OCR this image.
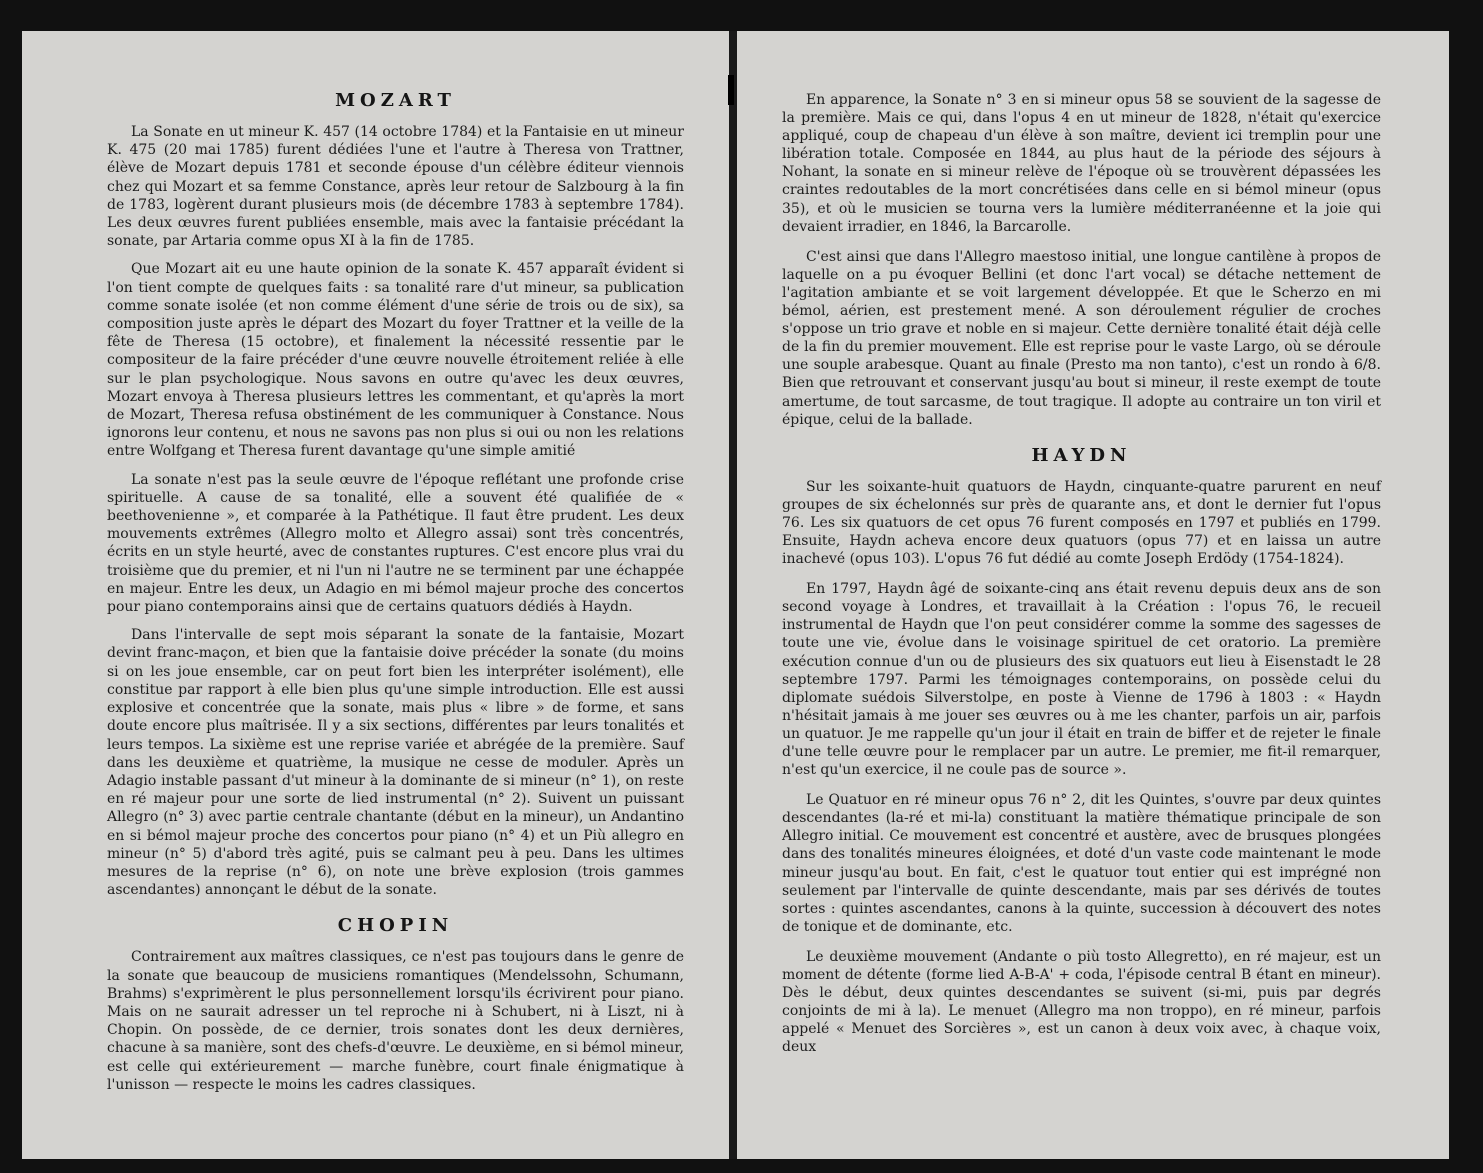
MOZART

La Sonate en ut mineur K. 457 (14 octobre 1784) et la Fantaisie en ut mineur K. 475 (20 mai 1785) furent dédiées l'une et l'autre à Theresa von Trattner, élève de Mozart depuis 1781 et seconde épouse d'un célèbre éditeur viennois chez qui Mozart et sa femme Constance, après leur retour de Salzbourg à la fin de 1783, logèrent durant plusieurs mois (de décembre 1783 à septembre 1784). Les deux œuvres furent publiées ensemble, mais avec la fantaisie précédant la sonate, par Artaria comme opus XI à la fin de 1785.

Que Mozart ait eu une haute opinion de la sonate K. 457 apparaît évident si l'on tient compte de quelques faits : sa tonalité rare d'ut mineur, sa publication comme sonate isolée (et non comme élément d'une série de trois ou de six), sa composition juste après le départ des Mozart du foyer Trattner et la veille de la fête de Theresa (15 octobre), et finalement la nécessité ressentie par le compositeur de la faire précéder d'une œuvre nouvelle étroitement reliée à elle sur le plan psychologique. Nous savons en outre qu'avec les deux œuvres, Mozart envoya à Theresa plusieurs lettres les commentant, et qu'après la mort de Mozart, Theresa refusa obstinément de les communiquer à Constance. Nous ignorons leur contenu, et nous ne savons pas non plus si oui ou non les relations entre Wolfgang et Theresa furent davantage qu'une simple amitié

La sonate n'est pas la seule œuvre de l'époque reflétant une profonde crise spirituelle. A cause de sa tonalité, elle a souvent été qualifiée de « beethovenienne », et comparée à la Pathétique. Il faut être prudent. Les deux mouvements extrêmes (Allegro molto et Allegro assai) sont très concentrés, écrits en un style heurté, avec de constantes ruptures. C'est encore plus vrai du troisième que du premier, et ni l'un ni l'autre ne se terminent par une échappée en majeur. Entre les deux, un Adagio en mi bémol majeur proche des concertos pour piano contemporains ainsi que de certains quatuors dédiés à Haydn.

Dans l'intervalle de sept mois séparant la sonate de la fantaisie, Mozart devint franc-maçon, et bien que la fantaisie doive précéder la sonate (du moins si on les joue ensemble, car on peut fort bien les interpréter isolément), elle constitue par rapport à elle bien plus qu'une simple introduction. Elle est aussi explosive et concentrée que la sonate, mais plus « libre » de forme, et sans doute encore plus maîtrisée. Il y a six sections, différentes par leurs tonalités et leurs tempos. La sixième est une reprise variée et abrégée de la première. Sauf dans les deuxième et quatrième, la musique ne cesse de moduler. Après un Adagio instable passant d'ut mineur à la dominante de si mineur (n° 1), on reste en ré majeur pour une sorte de lied instrumental (n° 2). Suivent un puissant Allegro (n° 3) avec partie centrale chantante (début en la mineur), un Andantino en si bémol majeur proche des concertos pour piano (n° 4) et un Più allegro en mineur (n° 5) d'abord très agité, puis se calmant peu à peu. Dans les ultimes mesures de la reprise (n° 6), on note une brève explosion (trois gammes ascendantes) annonçant le début de la sonate.

CHOPIN

Contrairement aux maîtres classiques, ce n'est pas toujours dans le genre de la sonate que beaucoup de musiciens romantiques (Mendelssohn, Schumann, Brahms) s'exprimèrent le plus personnellement lorsqu'ils écrivirent pour piano. Mais on ne saurait adresser un tel reproche ni à Schubert, ni à Liszt, ni à Chopin. On possède, de ce dernier, trois sonates dont les deux dernières, chacune à sa manière, sont des chefs-d'œuvre. Le deuxième, en si bémol mineur, est celle qui extérieurement — marche funèbre, court finale énigmatique à l'unisson — respecte le moins les cadres classiques.

En apparence, la Sonate n° 3 en si mineur opus 58 se souvient de la sagesse de la première. Mais ce qui, dans l'opus 4 en ut mineur de 1828, n'était qu'exercice appliqué, coup de chapeau d'un élève à son maître, devient ici tremplin pour une libération totale. Composée en 1844, au plus haut de la période des séjours à Nohant, la sonate en si mineur relève de l'époque où se trouvèrent dépassées les craintes redoutables de la mort concrétisées dans celle en si bémol mineur (opus 35), et où le musicien se tourna vers la lumière méditerranéenne et la joie qui devaient irradier, en 1846, la Barcarolle.

C'est ainsi que dans l'Allegro maestoso initial, une longue cantilène à propos de laquelle on a pu évoquer Bellini (et donc l'art vocal) se détache nettement de l'agitation ambiante et se voit largement développée. Et que le Scherzo en mi bémol, aérien, est prestement mené. A son déroulement régulier de croches s'oppose un trio grave et noble en si majeur. Cette dernière tonalité était déjà celle de la fin du premier mouvement. Elle est reprise pour le vaste Largo, où se déroule une souple arabesque. Quant au finale (Presto ma non tanto), c'est un rondo à 6/8. Bien que retrouvant et conservant jusqu'au bout si mineur, il reste exempt de toute amertume, de tout sarcasme, de tout tragique. Il adopte au contraire un ton viril et épique, celui de la ballade.

HAYDN

Sur les soixante-huit quatuors de Haydn, cinquante-quatre parurent en neuf groupes de six échelonnés sur près de quarante ans, et dont le dernier fut l'opus 76. Les six quatuors de cet opus 76 furent composés en 1797 et publiés en 1799. Ensuite, Haydn acheva encore deux quatuors (opus 77) et en laissa un autre inachevé (opus 103). L'opus 76 fut dédié au comte Joseph Erdödy (1754-1824).

En 1797, Haydn âgé de soixante-cinq ans était revenu depuis deux ans de son second voyage à Londres, et travaillait à la Création : l'opus 76, le recueil instrumental de Haydn que l'on peut considérer comme la somme des sagesses de toute une vie, évolue dans le voisinage spirituel de cet oratorio. La première exécution connue d'un ou de plusieurs des six quatuors eut lieu à Eisenstadt le 28 septembre 1797. Parmi les témoignages contemporains, on possède celui du diplomate suédois Silverstolpe, en poste à Vienne de 1796 à 1803 : « Haydn n'hésitait jamais à me jouer ses œuvres ou à me les chanter, parfois un air, parfois un quatuor. Je me rappelle qu'un jour il était en train de biffer et de rejeter le finale d'une telle œuvre pour le remplacer par un autre. Le premier, me fit-il remarquer, n'est qu'un exercice, il ne coule pas de source ».

Le Quatuor en ré mineur opus 76 n° 2, dit les Quintes, s'ouvre par deux quintes descendantes (la-ré et mi-la) constituant la matière thématique principale de son Allegro initial. Ce mouvement est concentré et austère, avec de brusques plongées dans des tonalités mineures éloignées, et doté d'un vaste code maintenant le mode mineur jusqu'au bout. En fait, c'est le quatuor tout entier qui est imprégné non seulement par l'intervalle de quinte descendante, mais par ses dérivés de toutes sortes : quintes ascendantes, canons à la quinte, succession à découvert des notes de tonique et de dominante, etc.

Le deuxième mouvement (Andante o più tosto Allegretto), en ré majeur, est un moment de détente (forme lied A-B-A' + coda, l'épisode central B étant en mineur). Dès le début, deux quintes descendantes se suivent (si-mi, puis par degrés conjoints de mi à la). Le menuet (Allegro ma non troppo), en ré mineur, parfois appelé « Menuet des Sorcières », est un canon à deux voix avec, à chaque voix, deux
